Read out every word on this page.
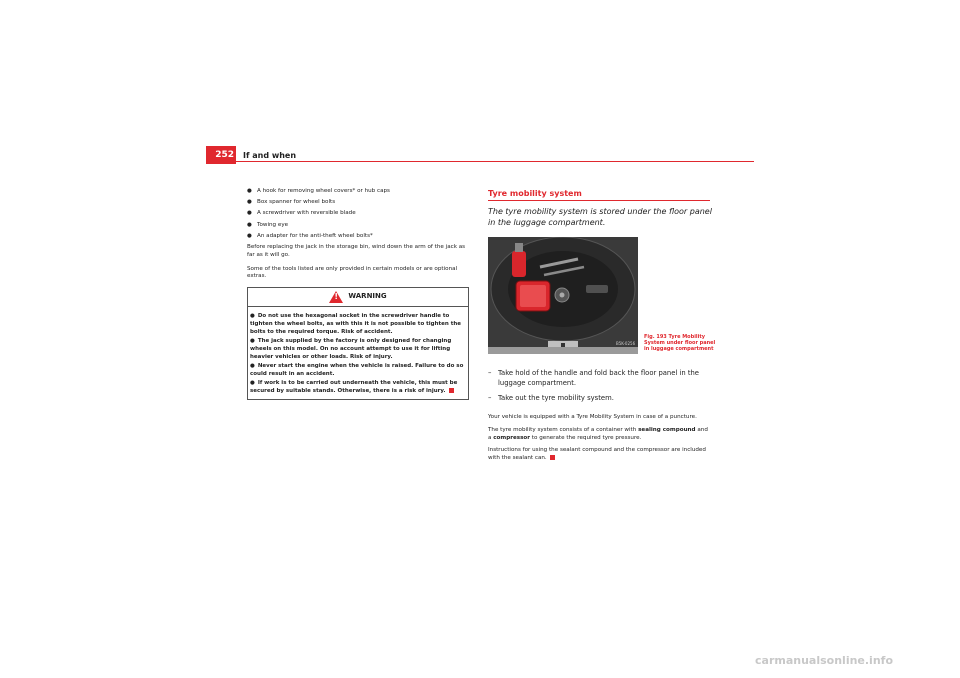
252 If and when
● A hook for removing wheel covers* or hub caps
● Box spanner for wheel bolts
● A screwdriver with reversible blade
● Towing eye
● An adapter for the anti-theft wheel bolts*

Before replacing the jack in the storage bin, wind down the arm of the jack as far as it will go.

Some of the tools listed are only provided in certain models or are optional extras.

! WARNING
● Do not use the hexagonal socket in the screwdriver handle to tighten the wheel bolts, as with this it is not possible to tighten the bolts to the required torque. Risk of accident.
● The jack supplied by the factory is only designed for changing wheels on this model. On no account attempt to use it for lifting heavier vehicles or other loads. Risk of injury.
● Never start the engine when the vehicle is raised. Failure to do so could result in an accident.
● If work is to be carried out underneath the vehicle, this must be secured by suitable stands. Otherwise, there is a risk of injury.
Tyre mobility system
The tyre mobility system is stored under the floor panel in the luggage compartment.
B5K-0256
Fig. 193 Tyre Mobility System under floor panel in luggage compartment
– Take hold of the handle and fold back the floor panel in the luggage compartment.
– Take out the tyre mobility system.

Your vehicle is equipped with a Tyre Mobility System in case of a puncture.

The tyre mobility system consists of a container with sealing compound and a compressor to generate the required tyre pressure.

Instructions for using the sealant compound and the compressor are included with the sealant can.

carmanualsonline.info
